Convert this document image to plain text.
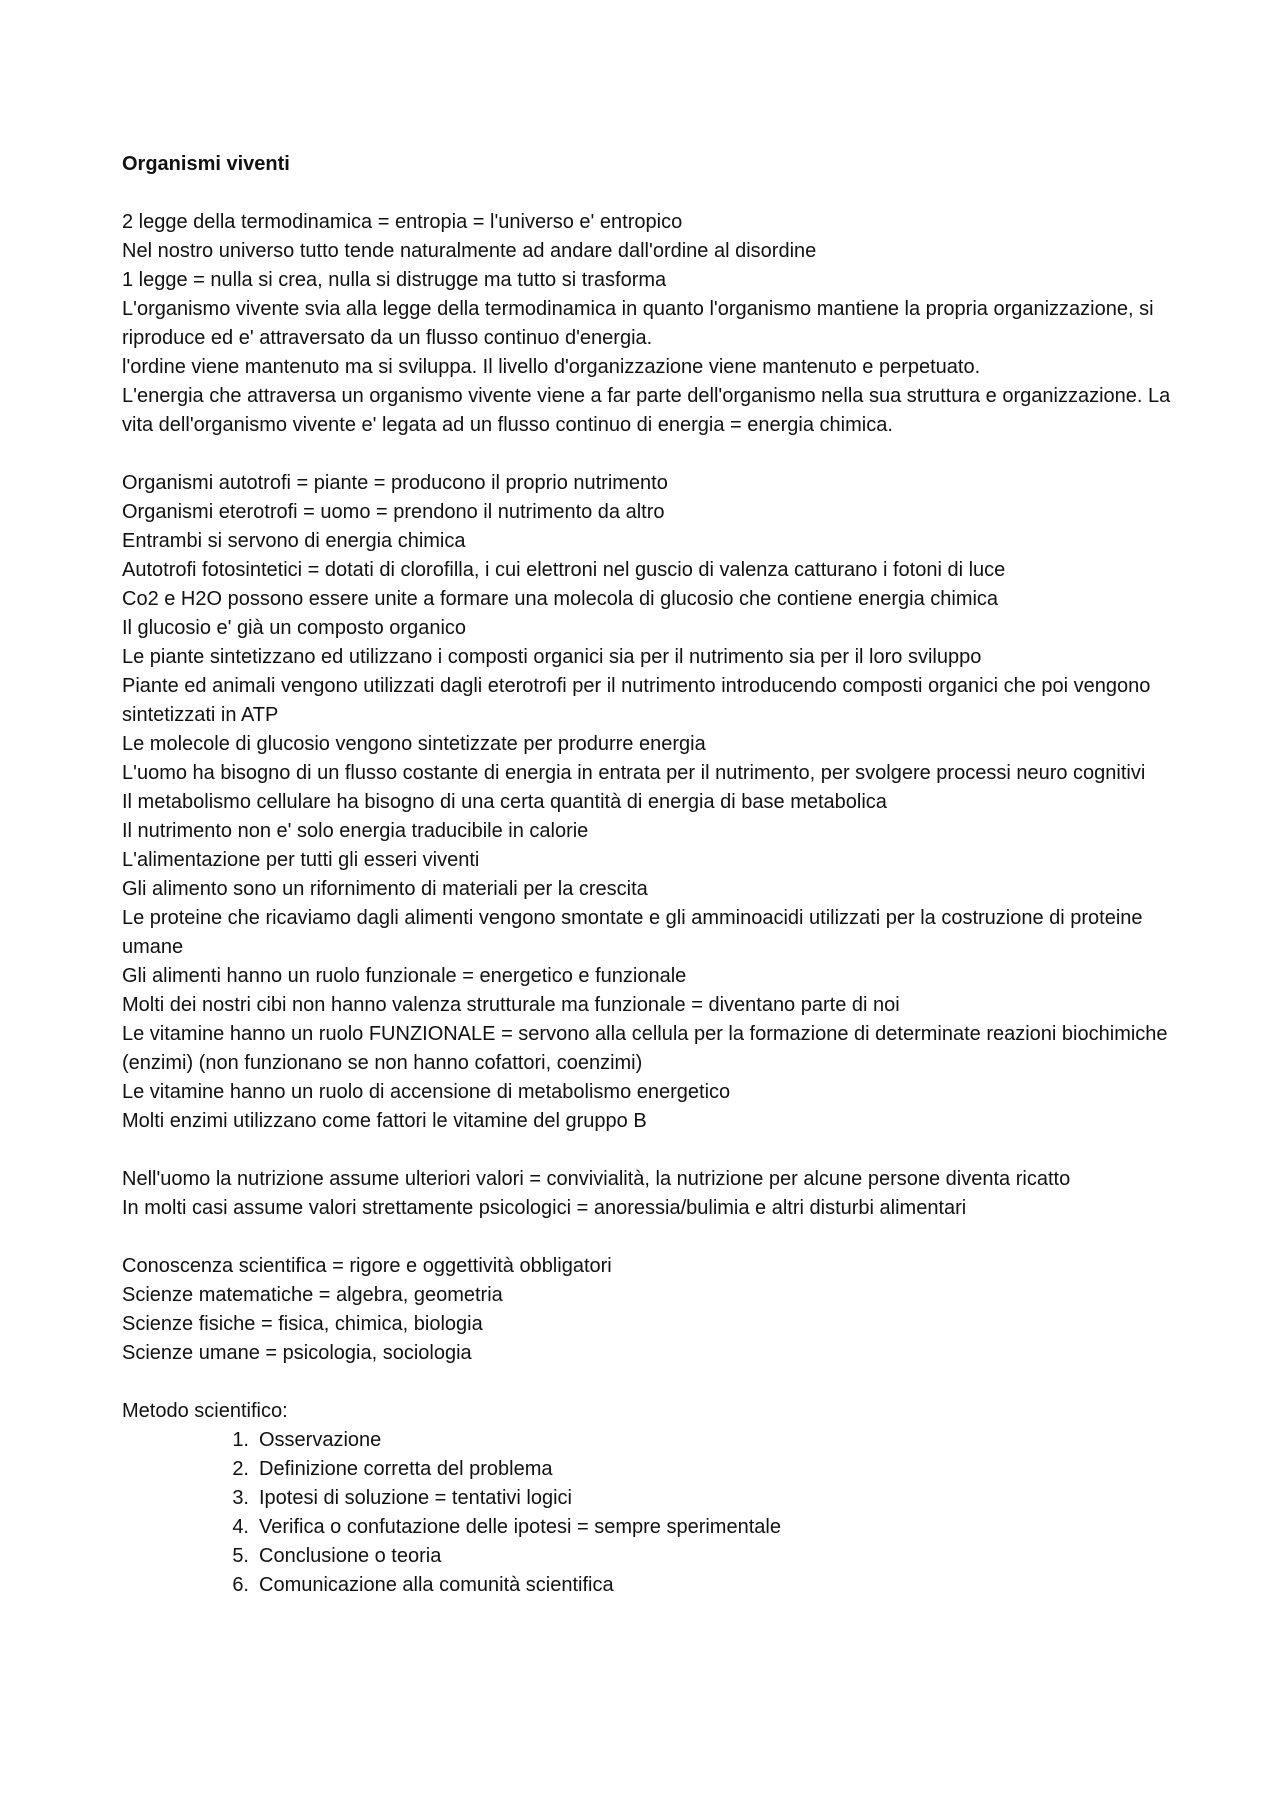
Organismi viventi

2 legge della termodinamica = entropia = l'universo e' entropico
Nel nostro universo tutto tende naturalmente ad andare dall'ordine al disordine
1 legge = nulla si crea, nulla si distrugge ma tutto si trasforma
L'organismo vivente svia alla legge della termodinamica in quanto l'organismo mantiene la propria organizzazione, si riproduce ed e' attraversato da un flusso continuo d'energia.
l'ordine viene mantenuto ma si sviluppa. Il livello d'organizzazione viene mantenuto e perpetuato.
L'energia che attraversa un organismo vivente viene a far parte dell'organismo nella sua struttura e organizzazione. La vita dell'organismo vivente e' legata ad un flusso continuo di energia = energia chimica.
Organismi autotrofi = piante = producono il proprio nutrimento
Organismi eterotrofi = uomo = prendono il nutrimento da altro
Entrambi si servono di energia chimica
Autotrofi fotosintetici = dotati di clorofilla, i cui elettroni nel guscio di valenza catturano i fotoni di luce
Co2 e H2O possono essere unite a formare una molecola di glucosio che contiene energia chimica
Il glucosio e' già un composto organico
Le piante sintetizzano ed utilizzano i composti organici sia per il nutrimento sia per il loro sviluppo
Piante ed animali vengono utilizzati dagli eterotrofi per il nutrimento introducendo composti organici che poi vengono sintetizzati in ATP
Le molecole di glucosio vengono sintetizzate per produrre energia
L'uomo ha bisogno di un flusso costante di energia in entrata per il nutrimento, per svolgere processi neuro cognitivi
Il metabolismo cellulare ha bisogno di una certa quantità di energia di base metabolica
Il nutrimento non e' solo energia traducibile in calorie
L'alimentazione per tutti gli esseri viventi
Gli alimento sono un rifornimento di materiali per la crescita
Le proteine che ricaviamo dagli alimenti vengono smontate e gli amminoacidi utilizzati per la costruzione di proteine umane
Gli alimenti hanno un ruolo funzionale = energetico e funzionale
Molti dei nostri cibi non hanno valenza strutturale ma funzionale = diventano parte di noi
Le vitamine hanno un ruolo FUNZIONALE = servono alla cellula per la formazione di determinate reazioni biochimiche (enzimi) (non funzionano se non hanno cofattori, coenzimi)
Le vitamine hanno un ruolo di accensione di metabolismo energetico
Molti enzimi utilizzano come fattori le vitamine del gruppo B
Nell'uomo la nutrizione assume ulteriori valori = convivialità, la nutrizione per alcune persone diventa ricatto
In molti casi assume valori strettamente psicologici = anoressia/bulimia e altri disturbi alimentari
Conoscenza scientifica = rigore e oggettività obbligatori
Scienze matematiche = algebra, geometria
Scienze fisiche = fisica, chimica, biologia
Scienze umane = psicologia, sociologia
Metodo scientifico:
1. Osservazione
2. Definizione corretta del problema
3. Ipotesi di soluzione = tentativi logici
4. Verifica o confutazione delle ipotesi = sempre sperimentale
5. Conclusione o teoria
6. Comunicazione alla comunità scientifica
